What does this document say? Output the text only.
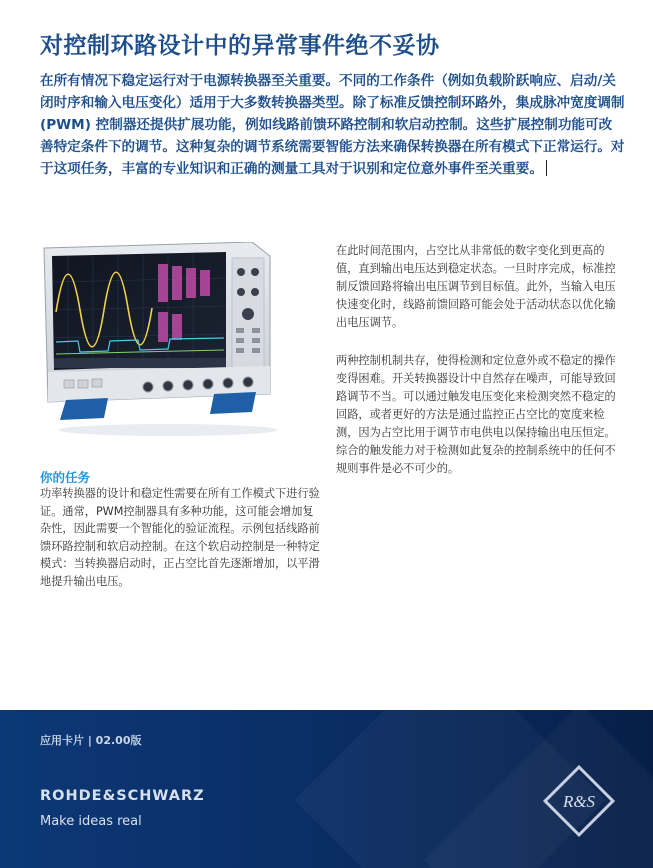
对控制环路设计中的异常事件绝不妥协
在所有情况下稳定运行对于电源转换器至关重要。不同的工作条件（例如负载阶跃响应、启动/关闭时序和输入电压变化）适用于大多数转换器类型。除了标准反馈控制环路外，集成脉冲宽度调制 (PWM) 控制器还提供扩展功能，例如线路前馈环路控制和软启动控制。这些扩展控制功能可改善特定条件下的调节。这种复杂的调节系统需要智能方法来确保转换器在所有模式下正常运行。对于这项任务，丰富的专业知识和正确的测量工具对于识别和定位意外事件至关重要。
你的任务
功率转换器的设计和稳定性需要在所有工作模式下进行验证。通常，PWM控制器具有多种功能，这可能会增加复杂性，因此需要一个智能化的验证流程。示例包括线路前馈环路控制和软启动控制。在这个软启动控制是一种特定模式：当转换器启动时，正占空比首先逐渐增加，以平滑地提升输出电压。

在此时间范围内，占空比从非常低的数字变化到更高的值，直到输出电压达到稳定状态。一旦时序完成，标准控制反馈回路将输出电压调节到目标值。此外，当输入电压快速变化时，线路前馈回路可能会处于活动状态以优化输出电压调节。

两种控制机制共存，使得检测和定位意外或不稳定的操作变得困难。开关转换器设计中自然存在噪声，可能导致回路调节不当。可以通过触发电压变化来检测突然不稳定的回路，或者更好的方法是通过监控正占空比的宽度来检测，因为占空比用于调节市电供电以保持输出电压恒定。综合的触发能力对于检测如此复杂的控制系统中的任何不规则事件是必不可少的。

应用卡片 | 02.00版
ROHDE&SCHWARZ
Make ideas real
R&S
